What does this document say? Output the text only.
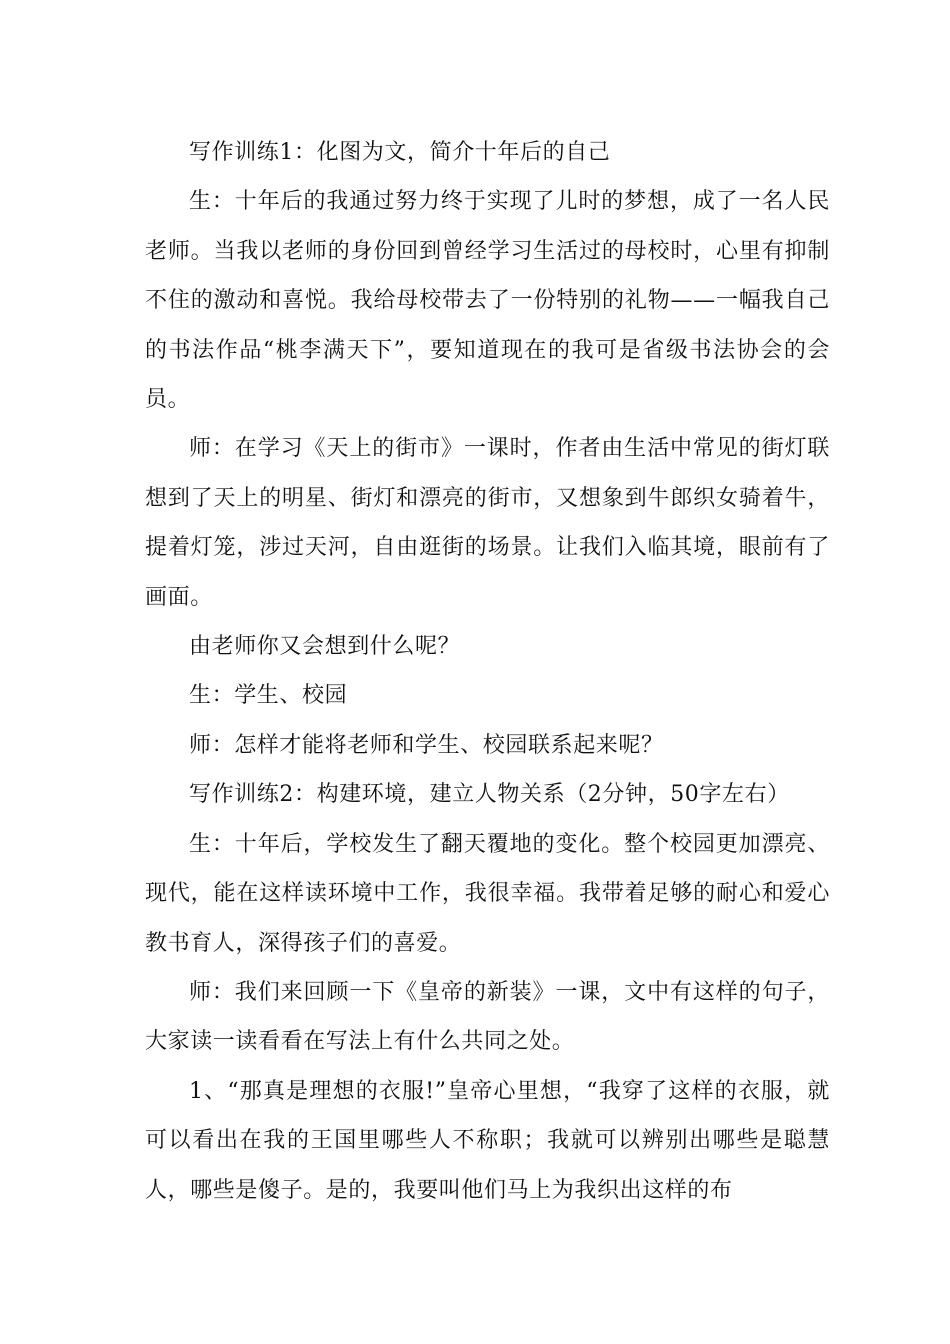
写作训练1：化图为文，简介十年后的自己

生：十年后的我通过努力终于实现了儿时的梦想，成了一名人民老师。当我以老师的身份回到曾经学习生活过的母校时，心里有抑制不住的激动和喜悦。我给母校带去了一份特别的礼物——一幅我自己的书法作品“桃李满天下”，要知道现在的我可是省级书法协会的会员。

师：在学习《天上的街市》一课时，作者由生活中常见的街灯联想到了天上的明星、街灯和漂亮的街市，又想象到牛郎织女骑着牛，提着灯笼，涉过天河，自由逛街的场景。让我们入临其境，眼前有了画面。

由老师你又会想到什么呢？

生：学生、校园

师：怎样才能将老师和学生、校园联系起来呢？

写作训练2：构建环境，建立人物关系（2分钟，50字左右）

生：十年后，学校发生了翻天覆地的变化。整个校园更加漂亮、现代，能在这样读环境中工作，我很幸福。我带着足够的耐心和爱心教书育人，深得孩子们的喜爱。

师：我们来回顾一下《皇帝的新装》一课，文中有这样的句子，大家读一读看看在写法上有什么共同之处。

1、“那真是理想的衣服!”皇帝心里想，“我穿了这样的衣服，就可以看出在我的王国里哪些人不称职；我就可以辨别出哪些是聪慧人，哪些是傻子。是的，我要叫他们马上为我织出这样的布
